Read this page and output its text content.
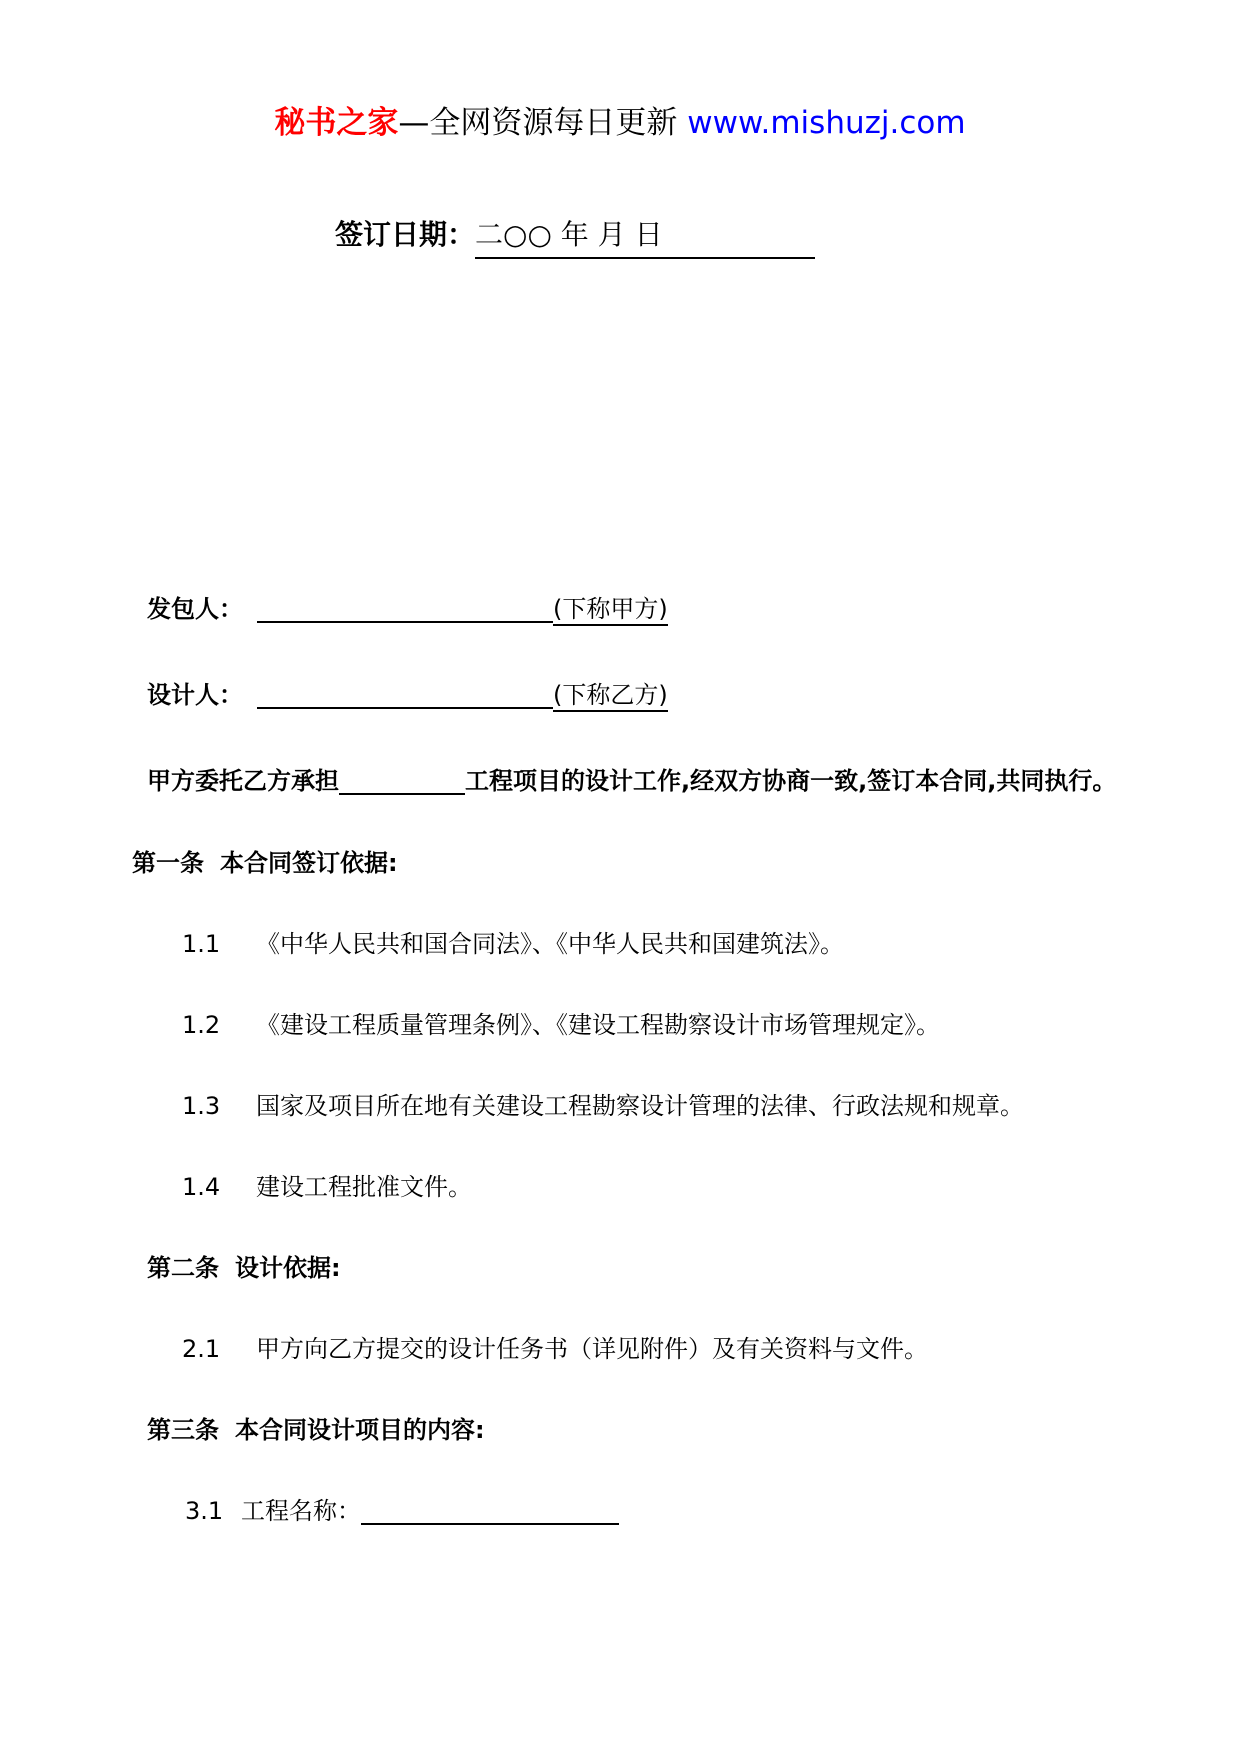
秘书之家—全网资源每日更新 www.mishuzj.com
签订日期：二○○ 年 月 日
发包人：	(下称甲方)
设计人：	(下称乙方)
甲方委托乙方承担	工程项目的设计工作,经双方协商一致,签订本合同,共同执行。
第一条 本合同签订依据:
1.1 《中华人民共和国合同法》、《中华人民共和国建筑法》。
1.2 《建设工程质量管理条例》、《建设工程勘察设计市场管理规定》。
1.3 国家及项目所在地有关建设工程勘察设计管理的法律、行政法规和规章。
1.4 建设工程批准文件。
第二条 设计依据:
2.1 甲方向乙方提交的设计任务书（详见附件）及有关资料与文件。
第三条 本合同设计项目的内容:
3.1 工程名称：
